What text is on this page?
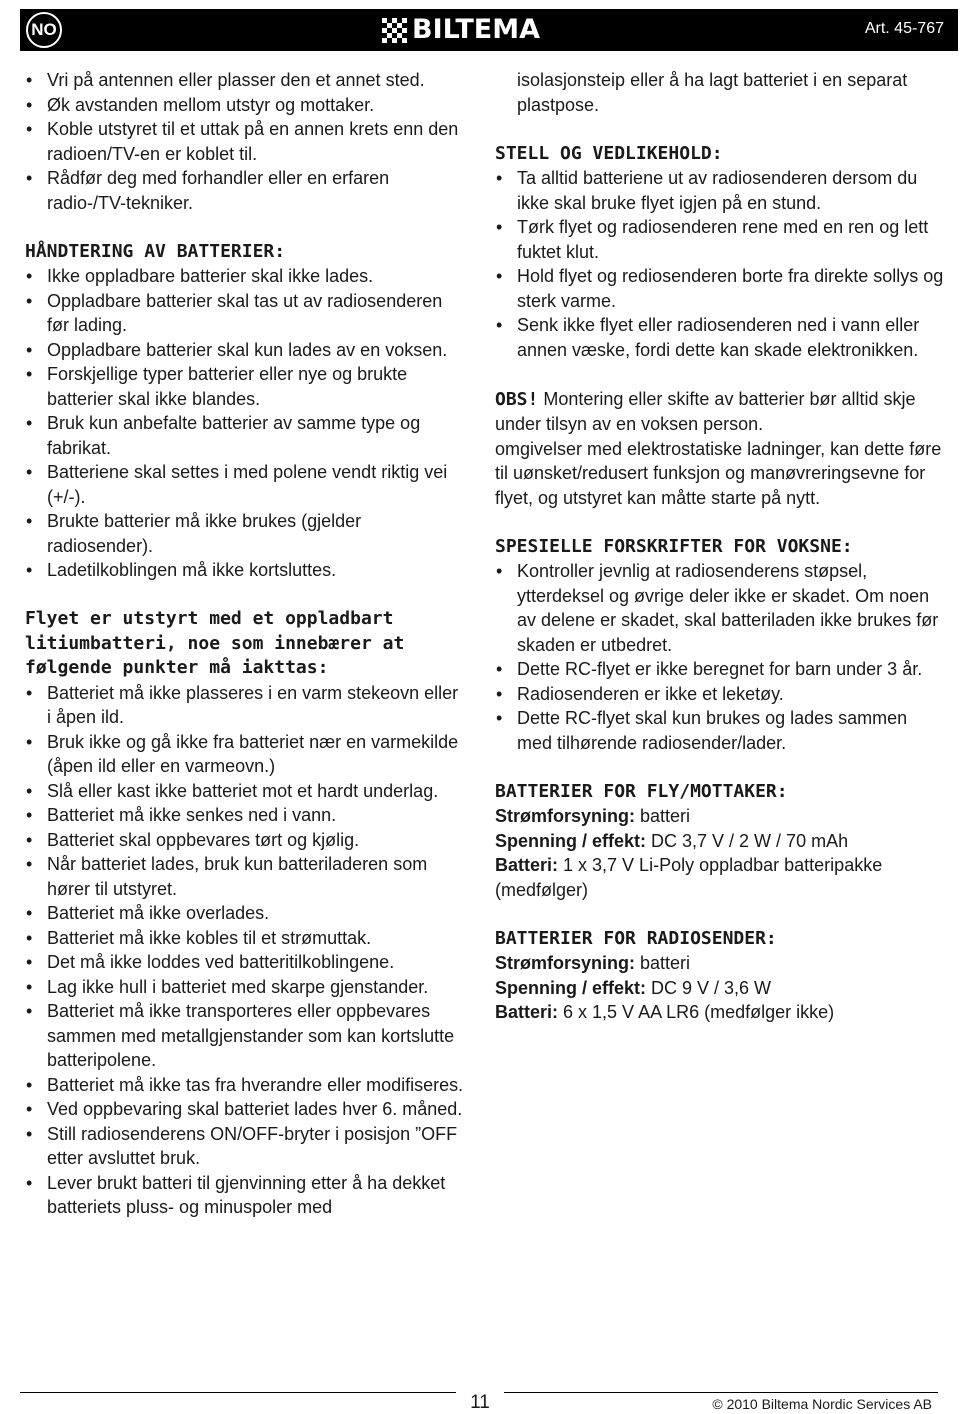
NO	BILTEMA	Art. 45-767
• Vri på antennen eller plasser den et annet sted.
• Øk avstanden mellom utstyr og mottaker.
• Koble utstyret til et uttak på en annen krets enn den radioen/TV-en er koblet til.
• Rådfør deg med forhandler eller en erfaren radio-/TV-tekniker.
HÅNDTERING AV BATTERIER:
• Ikke oppladbare batterier skal ikke lades.
• Oppladbare batterier skal tas ut av radiosenderen før lading.
• Oppladbare batterier skal kun lades av en voksen.
• Forskjellige typer batterier eller nye og brukte batterier skal ikke blandes.
• Bruk kun anbefalte batterier av samme type og fabrikat.
• Batteriene skal settes i med polene vendt riktig vei (+/-).
• Brukte batterier må ikke brukes (gjelder radiosender).
• Ladetilkoblingen må ikke kortsluttes.
Flyet er utstyrt med et oppladbart litiumbatteri, noe som innebærer at følgende punkter må iakttas:
• Batteriet må ikke plasseres i en varm stekeovn eller i åpen ild.
• Bruk ikke og gå ikke fra batteriet nær en varmekilde (åpen ild eller en varmeovn.)
• Slå eller kast ikke batteriet mot et hardt underlag.
• Batteriet må ikke senkes ned i vann.
• Batteriet skal oppbevares tørt og kjølig.
• Når batteriet lades, bruk kun batteriladeren som hører til utstyret.
• Batteriet må ikke overlades.
• Batteriet må ikke kobles til et strømuttak.
• Det må ikke loddes ved batteritilkoblingene.
• Lag ikke hull i batteriet med skarpe gjenstander.
• Batteriet må ikke transporteres eller oppbevares sammen med metallgjenstander som kan kortslutte batteripolene.
• Batteriet må ikke tas fra hverandre eller modifiseres.
• Ved oppbevaring skal batteriet lades hver 6. måned.
• Still radiosenderens ON/OFF-bryter i posisjon ”OFF etter avsluttet bruk.
• Lever brukt batteri til gjenvinning etter å ha dekket batteriets pluss- og minuspoler med
isolasjonsteip eller å ha lagt batteriet i en separat plastpose.
STELL OG VEDLIKEHOLD:
• Ta alltid batteriene ut av radiosenderen dersom du ikke skal bruke flyet igjen på en stund.
• Tørk flyet og radiosenderen rene med en ren og lett fuktet klut.
• Hold flyet og rediosenderen borte fra direkte sollys og sterk varme.
• Senk ikke flyet eller radiosenderen ned i vann eller annen væske, fordi dette kan skade elektronikken.
OBS! Montering eller skifte av batterier bør alltid skje under tilsyn av en voksen person.
omgivelser med elektrostatiske ladninger, kan dette føre til uønsket/redusert funksjon og manøvreringsevne for flyet, og utstyret kan måtte starte på nytt.
SPESIELLE FORSKRIFTER FOR VOKSNE:
• Kontroller jevnlig at radiosenderens støpsel, ytterdeksel og øvrige deler ikke er skadet. Om noen av delene er skadet, skal batteriladen ikke brukes før skaden er utbedret.
• Dette RC-flyet er ikke beregnet for barn under 3 år.
• Radiosenderen er ikke et leketøy.
• Dette RC-flyet skal kun brukes og lades sammen med tilhørende radiosender/lader.
BATTERIER FOR FLY/MOTTAKER:
Strømforsyning: batteri
Spenning / effekt: DC 3,7 V / 2 W / 70 mAh
Batteri: 1 x 3,7 V Li-Poly oppladbar batteripakke (medfølger)
BATTERIER FOR RADIOSENDER:
Strømforsyning: batteri
Spenning / effekt: DC 9 V / 3,6 W
Batteri: 6 x 1,5 V AA LR6 (medfølger ikke)
11	© 2010 Biltema Nordic Services AB
